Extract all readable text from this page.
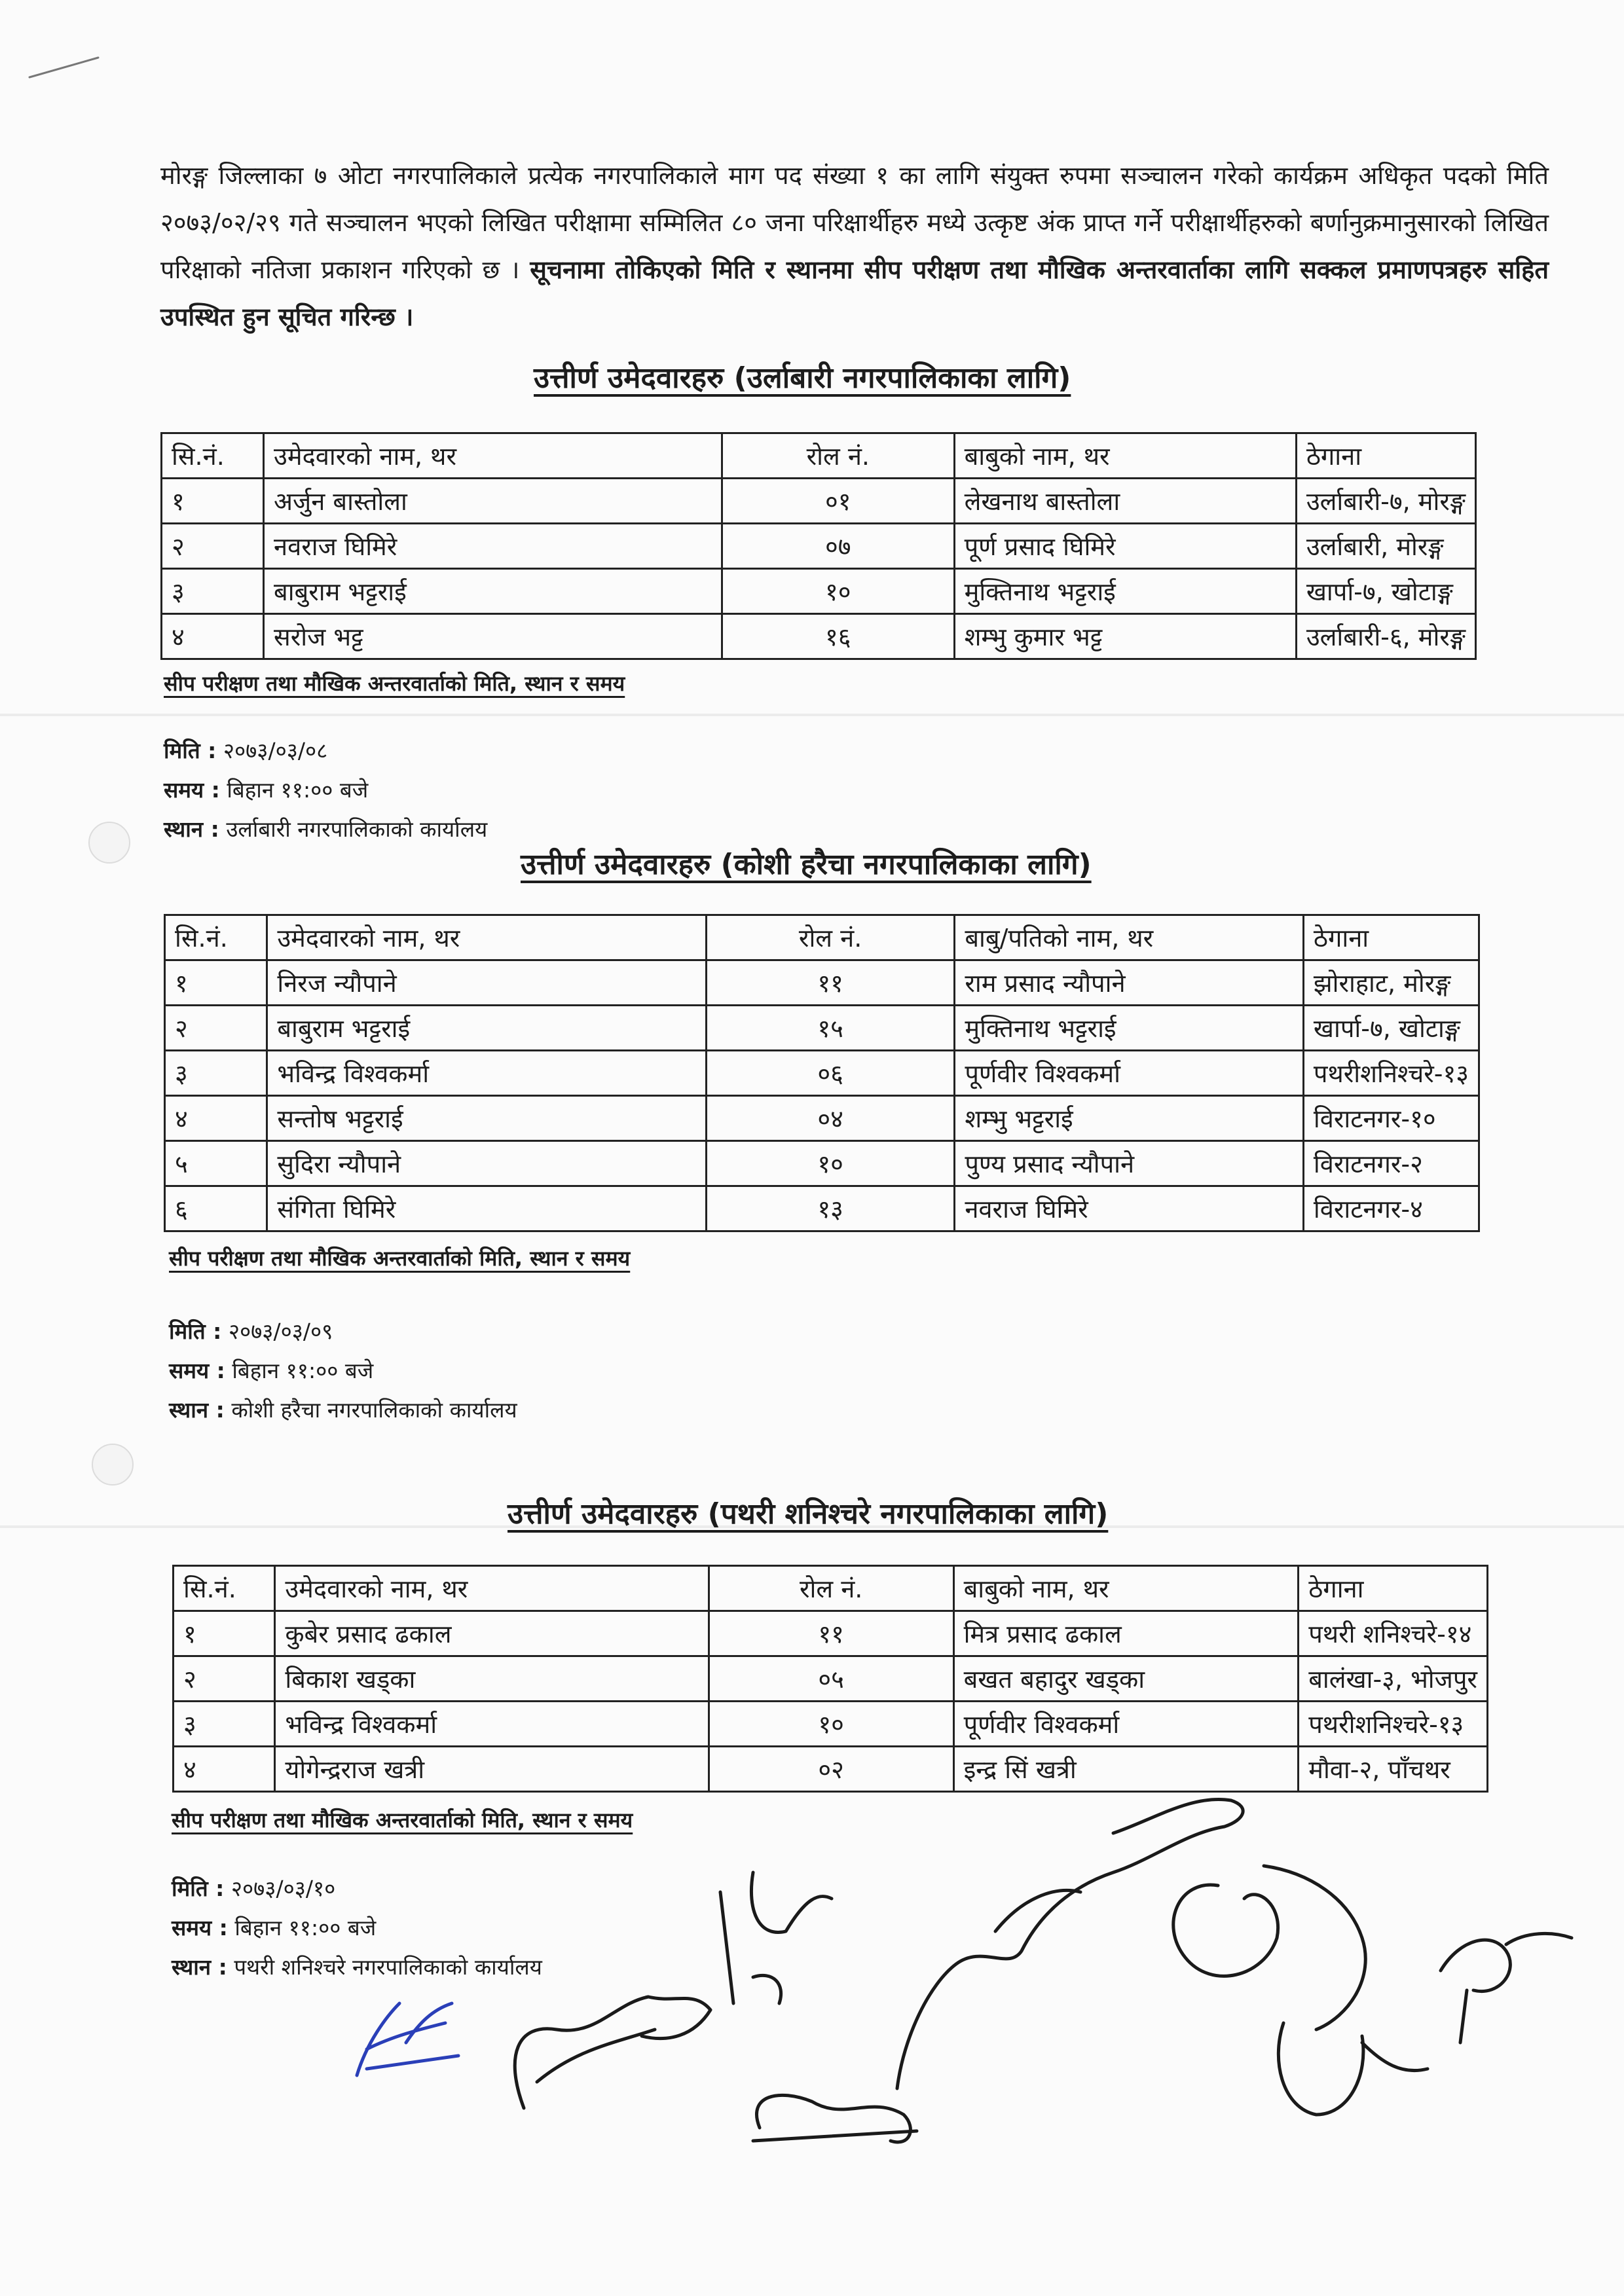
मोरङ्ग जिल्लाका ७ ओटा नगरपालिकाले प्रत्येक नगरपालिकाले माग पद संख्या १ का लागि संयुक्त रुपमा सञ्चालन गरेको कार्यक्रम अधिकृत पदको मिति २०७३/०२/२९ गते सञ्चालन भएको लिखित परीक्षामा सम्मिलित ८० जना परिक्षार्थीहरु मध्ये उत्कृष्ट अंक प्राप्त गर्ने परीक्षार्थीहरुको बर्णानुक्रमानुसारको लिखित परिक्षाको नतिजा प्रकाशन गरिएको छ । सूचनामा तोकिएको मिति र स्थानमा सीप परीक्षण तथा मौखिक अन्तरवार्ताका लागि सक्कल प्रमाणपत्रहरु सहित उपस्थित हुन सूचित गरिन्छ ।

उत्तीर्ण उमेदवारहरु (उर्लाबारी नगरपालिकाका लागि)
सि.नं.	उमेदवारको नाम, थर	रोल नं.	बाबुको नाम, थर	ठेगाना
१	अर्जुन बास्तोला	०१	लेखनाथ बास्तोला	उर्लाबारी-७, मोरङ्ग
२	नवराज घिमिरे	०७	पूर्ण प्रसाद घिमिरे	उर्लाबारी, मोरङ्ग
३	बाबुराम भट्टराई	१०	मुक्तिनाथ भट्टराई	खार्पा-७, खोटाङ्ग
४	सरोज भट्ट	१६	शम्भु कुमार भट्ट	उर्लाबारी-६, मोरङ्ग

सीप परीक्षण तथा मौखिक अन्तरवार्ताको मिति, स्थान र समय

मिति : २०७३/०३/०८
समय : बिहान ११:०० बजे
स्थान : उर्लाबारी नगरपालिकाको कार्यालय
उत्तीर्ण उमेदवारहरु (कोशी हरैचा नगरपालिकाका लागि)
सि.नं.	उमेदवारको नाम, थर	रोल नं.	बाबु/पतिको नाम, थर	ठेगाना
१	निरज न्यौपाने	११	राम प्रसाद न्यौपाने	झोराहाट, मोरङ्ग
२	बाबुराम भट्टराई	१५	मुक्तिनाथ भट्टराई	खार्पा-७, खोटाङ्ग
३	भविन्द्र विश्वकर्मा	०६	पूर्णवीर विश्वकर्मा	पथरीशनिश्चरे-१३
४	सन्तोष भट्टराई	०४	शम्भु भट्टराई	विराटनगर-१०
५	सुदिरा न्यौपाने	१०	पुण्य प्रसाद न्यौपाने	विराटनगर-२
६	संगिता घिमिरे	१३	नवराज घिमिरे	विराटनगर-४

सीप परीक्षण तथा मौखिक अन्तरवार्ताको मिति, स्थान र समय

मिति : २०७३/०३/०९
समय : बिहान ११:०० बजे
स्थान : कोशी हरैचा नगरपालिकाको कार्यालय
उत्तीर्ण उमेदवारहरु (पथरी शनिश्चरे नगरपालिकाका लागि)
सि.नं.	उमेदवारको नाम, थर	रोल नं.	बाबुको नाम, थर	ठेगाना
१	कुबेर प्रसाद ढकाल	११	मित्र प्रसाद ढकाल	पथरी शनिश्चरे-१४
२	बिकाश खड्का	०५	बखत बहादुर खड्का	बालंखा-३, भोजपुर
३	भविन्द्र विश्वकर्मा	१०	पूर्णवीर विश्वकर्मा	पथरीशनिश्चरे-१३
४	योगेन्द्रराज खत्री	०२	इन्द्र सिं खत्री	मौवा-२, पाँचथर

सीप परीक्षण तथा मौखिक अन्तरवार्ताको मिति, स्थान र समय

मिति : २०७३/०३/१०
समय : बिहान ११:०० बजे
स्थान : पथरी शनिश्चरे नगरपालिकाको कार्यालय
